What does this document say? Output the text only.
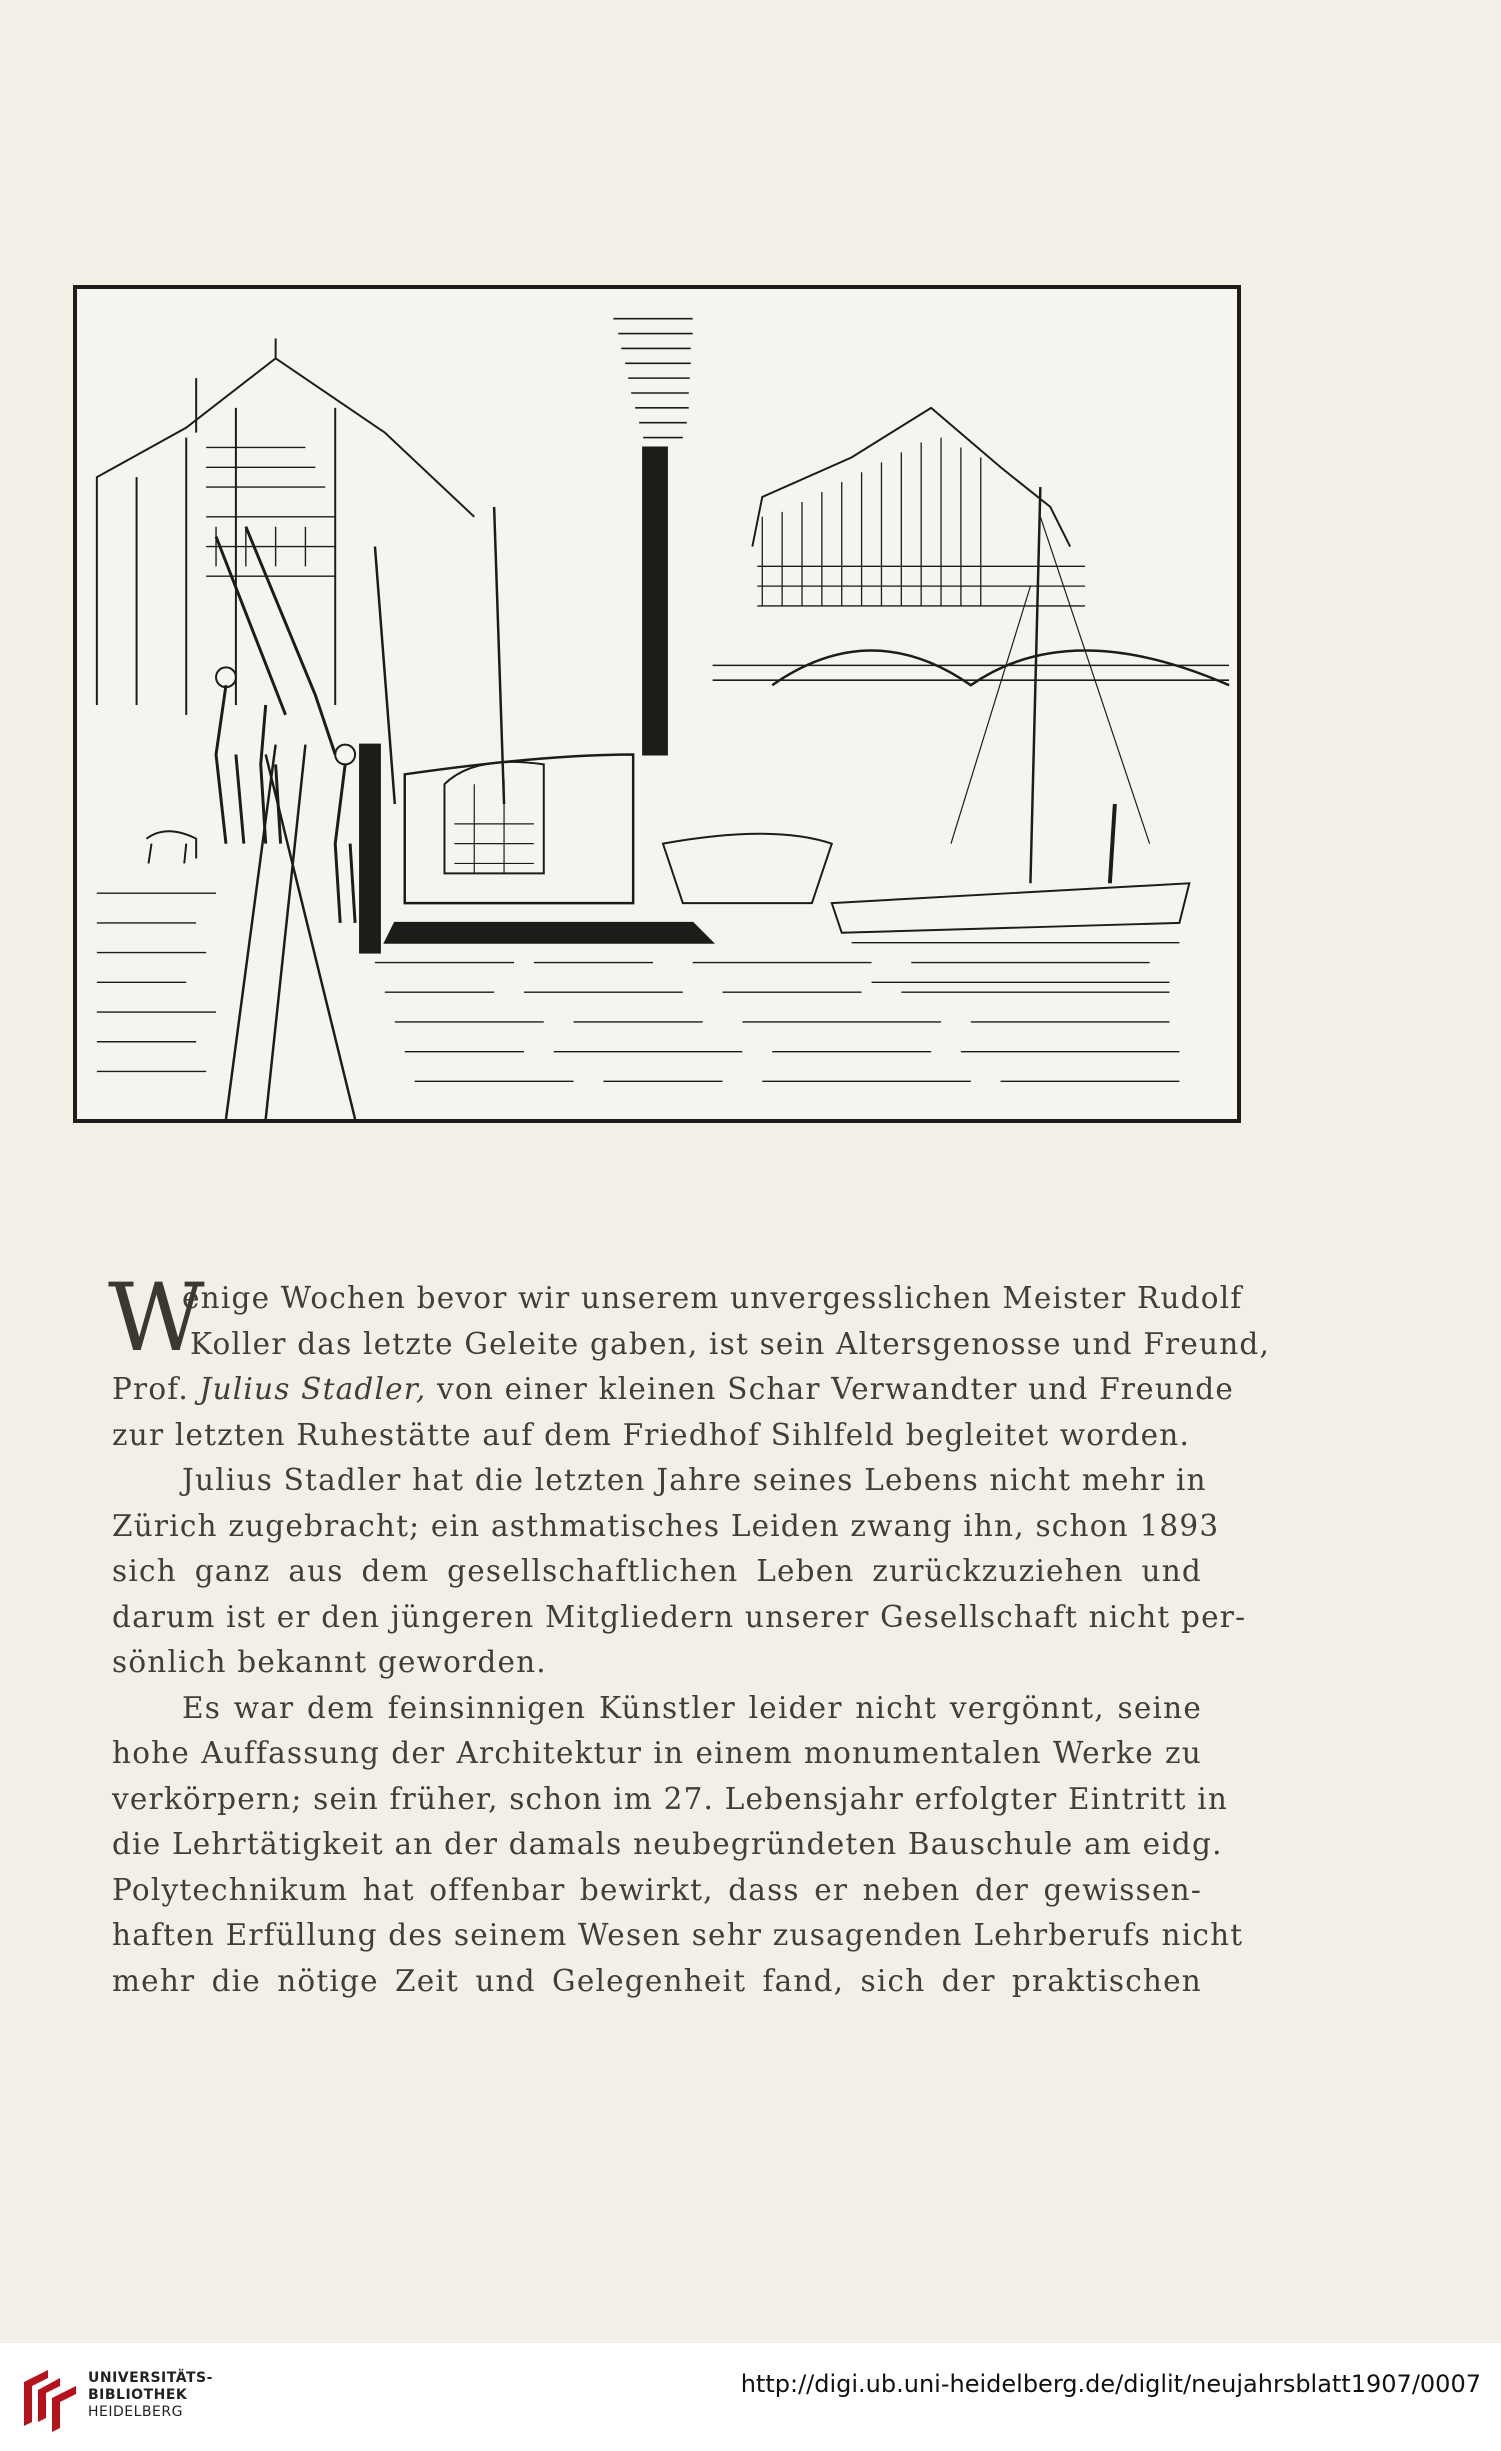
W
enige Wochen bevor wir unserem unvergesslichen Meister Rudolf
Koller das letzte Geleite gaben, ist sein Altersgenosse und Freund,
Prof. Julius Stadler, von einer kleinen Schar Verwandter und Freunde
zur letzten Ruhestätte auf dem Friedhof Sihlfeld begleitet worden.
Julius Stadler hat die letzten Jahre seines Lebens nicht mehr in
Zürich zugebracht; ein asthmatisches Leiden zwang ihn, schon 1893
sich ganz aus dem gesellschaftlichen Leben zurückzuziehen und
darum ist er den jüngeren Mitgliedern unserer Gesellschaft nicht per-
sönlich bekannt geworden.
Es war dem feinsinnigen Künstler leider nicht vergönnt, seine
hohe Auffassung der Architektur in einem monumentalen Werke zu
verkörpern; sein früher, schon im 27. Lebensjahr erfolgter Eintritt in
die Lehrtätigkeit an der damals neubegründeten Bauschule am eidg.
Polytechnikum hat offenbar bewirkt, dass er neben der gewissen-
haften Erfüllung des seinem Wesen sehr zusagenden Lehrberufs nicht
mehr die nötige Zeit und Gelegenheit fand, sich der praktischen
UNIVERSITÄTS-
BIBLIOTHEK
HEIDELBERG
http://digi.ub.uni-heidelberg.de/diglit/neujahrsblatt1907/0007
